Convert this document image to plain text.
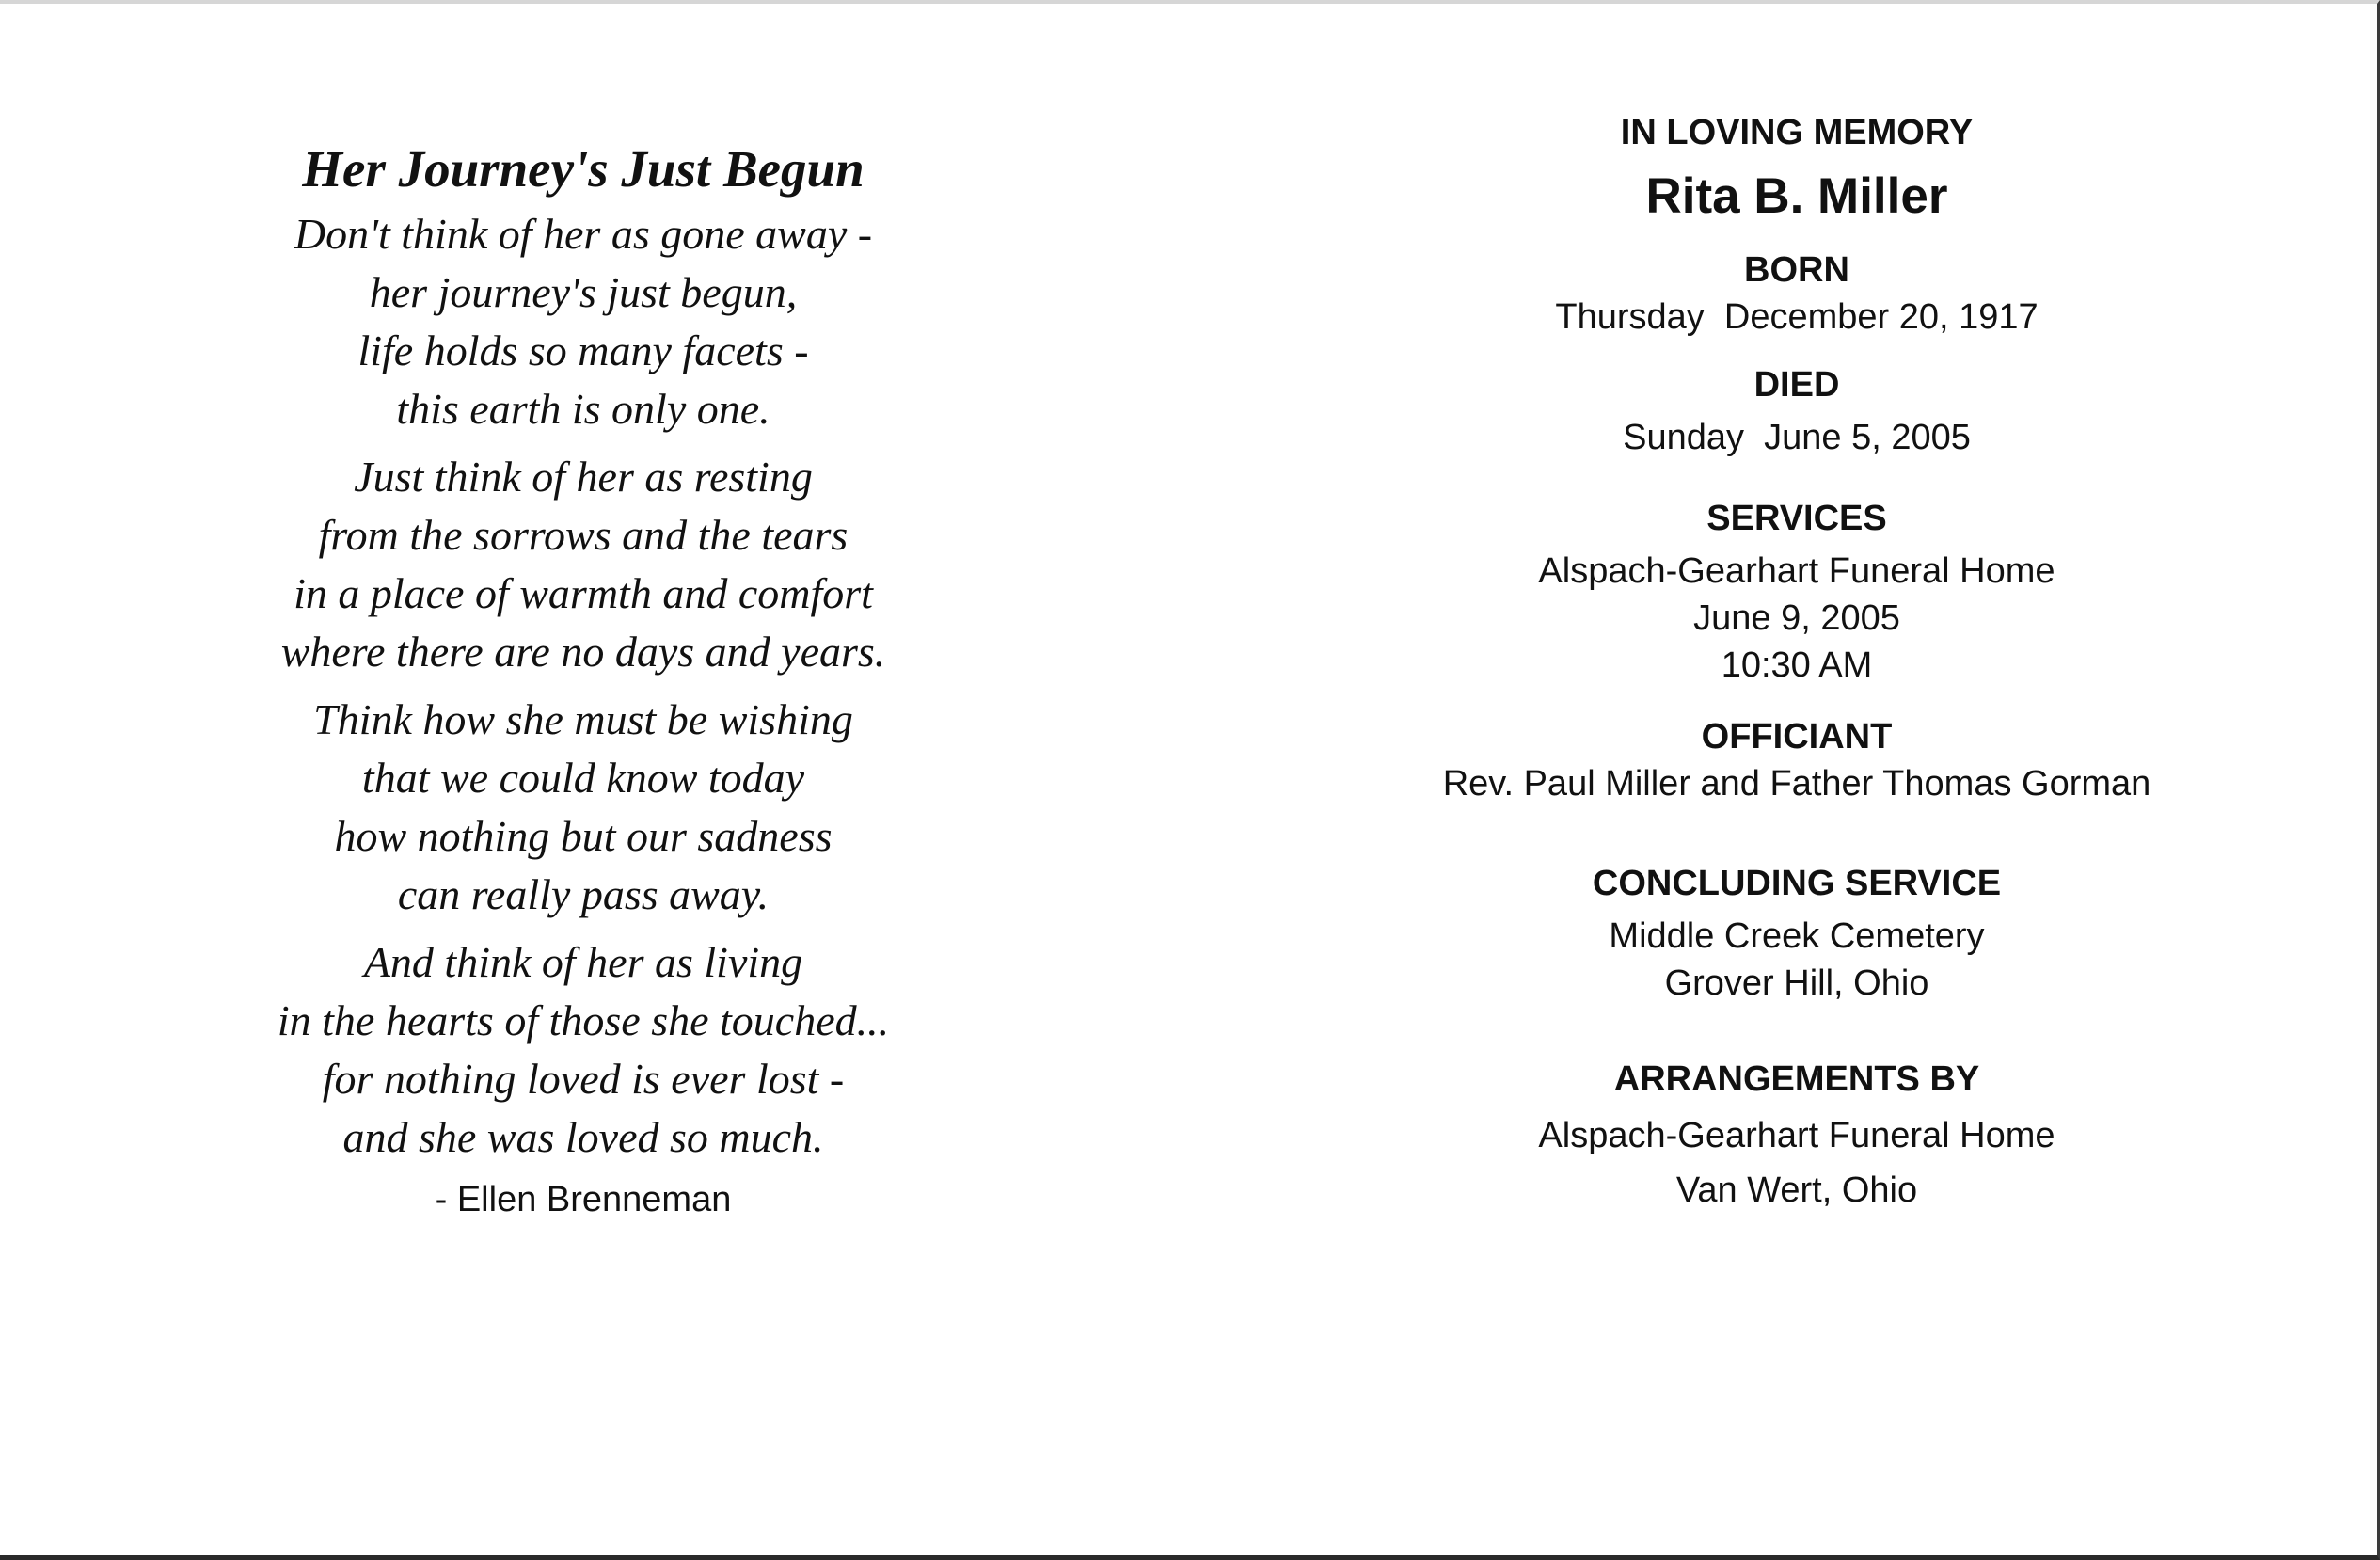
Her Journey's Just Begun
Don't think of her as gone away -
her journey's just begun,
life holds so many facets -
this earth is only one.
Just think of her as resting
from the sorrows and the tears
in a place of warmth and comfort
where there are no days and years.
Think how she must be wishing
that we could know today
how nothing but our sadness
can really pass away.
And think of her as living
in the hearts of those she touched...
for nothing loved is ever lost -
and she was loved so much.
- Ellen Brenneman
IN LOVING MEMORY
Rita B. Miller
BORN
Thursday  December 20, 1917
DIED
Sunday  June 5, 2005
SERVICES
Alspach-Gearhart Funeral Home
June 9, 2005
10:30 AM
OFFICIANT
Rev. Paul Miller and Father Thomas Gorman
CONCLUDING SERVICE
Middle Creek Cemetery
Grover Hill, Ohio
ARRANGEMENTS BY
Alspach-Gearhart Funeral Home
Van Wert, Ohio
